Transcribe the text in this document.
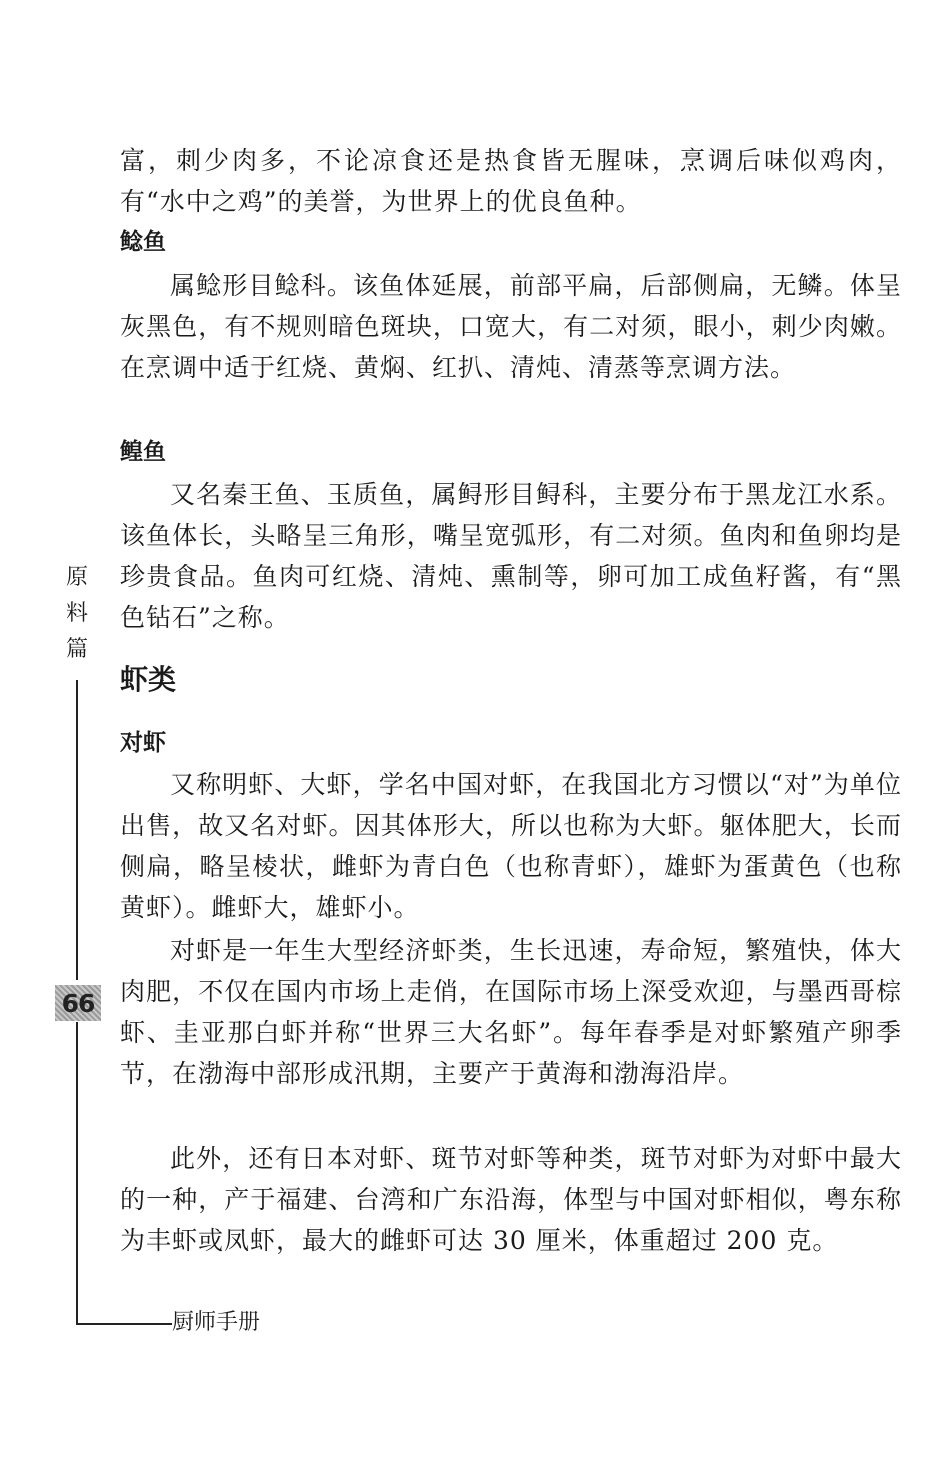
富，刺少肉多，不论凉食还是热食皆无腥味，烹调后味似鸡肉，有“水中之鸡”的美誉，为世界上的优良鱼种。

鲶鱼

属鲶形目鲶科。该鱼体延展，前部平扁，后部侧扁，无鳞。体呈灰黑色，有不规则暗色斑块，口宽大，有二对须，眼小，刺少肉嫩。在烹调中适于红烧、黄焖、红扒、清炖、清蒸等烹调方法。

鳇鱼

又名秦王鱼、玉质鱼，属鲟形目鲟科，主要分布于黑龙江水系。该鱼体长，头略呈三角形，嘴呈宽弧形，有二对须。鱼肉和鱼卵均是珍贵食品。鱼肉可红烧、清炖、熏制等，卵可加工成鱼籽酱，有“黑色钻石”之称。

虾类
对虾

又称明虾、大虾，学名中国对虾，在我国北方习惯以“对”为单位出售，故又名对虾。因其体形大，所以也称为大虾。躯体肥大，长而侧扁，略呈棱状，雌虾为青白色（也称青虾），雄虾为蛋黄色（也称黄虾）。雌虾大，雄虾小。

对虾是一年生大型经济虾类，生长迅速，寿命短，繁殖快，体大肉肥，不仅在国内市场上走俏，在国际市场上深受欢迎，与墨西哥棕虾、圭亚那白虾并称“世界三大名虾”。每年春季是对虾繁殖产卵季节，在渤海中部形成汛期，主要产于黄海和渤海沿岸。

此外，还有日本对虾、斑节对虾等种类，斑节对虾为对虾中最大的一种，产于福建、台湾和广东沿海，体型与中国对虾相似，粤东称为丰虾或凤虾，最大的雌虾可达 30 厘米，体重超过 200 克。

原料篇
66
厨师手册
